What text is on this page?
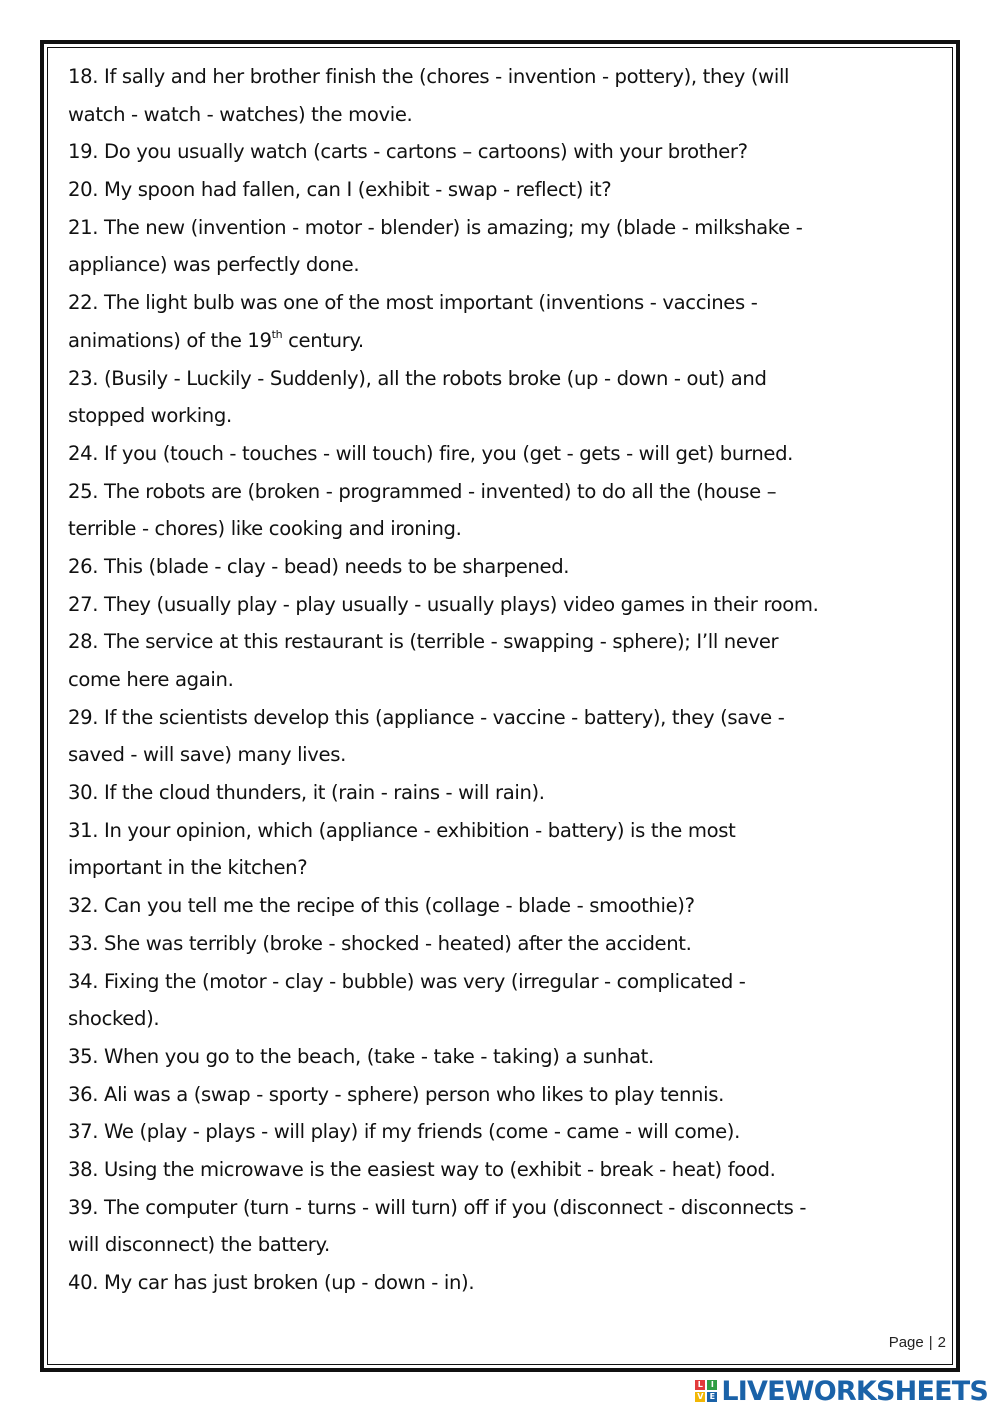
18. If sally and her brother finish the (chores - invention - pottery), they (will
watch - watch - watches) the movie.
19. Do you usually watch (carts - cartons – cartoons) with your brother?
20. My spoon had fallen, can I (exhibit - swap - reflect) it?
21. The new (invention - motor - blender) is amazing; my (blade - milkshake -
appliance) was perfectly done.
22. The light bulb was one of the most important (inventions - vaccines -
animations) of the 19th century.
23. (Busily - Luckily - Suddenly), all the robots broke (up - down - out) and
stopped working.
24. If you (touch - touches - will touch) fire, you (get - gets - will get) burned.
25. The robots are (broken - programmed - invented) to do all the (house –
terrible - chores) like cooking and ironing.
26. This (blade - clay - bead) needs to be sharpened.
27. They (usually play - play usually - usually plays) video games in their room.
28. The service at this restaurant is (terrible - swapping - sphere); I’ll never
come here again.
29. If the scientists develop this (appliance - vaccine - battery), they (save -
saved - will save) many lives.
30. If the cloud thunders, it (rain - rains - will rain).
31. In your opinion, which (appliance - exhibition - battery) is the most
important in the kitchen?
32. Can you tell me the recipe of this (collage - blade - smoothie)?
33. She was terribly (broke - shocked - heated) after the accident.
34. Fixing the (motor - clay - bubble) was very (irregular - complicated -
shocked).
35. When you go to the beach, (take - take - taking) a sunhat.
36. Ali was a (swap - sporty - sphere) person who likes to play tennis.
37. We (play - plays - will play) if my friends (come - came - will come).
38. Using the microwave is the easiest way to (exhibit - break - heat) food.
39. The computer (turn - turns - will turn) off if you (disconnect - disconnects -
will disconnect) the battery.
40. My car has just broken (up - down - in).
Page | 2
L I
V E LIVEWORKSHEETS
